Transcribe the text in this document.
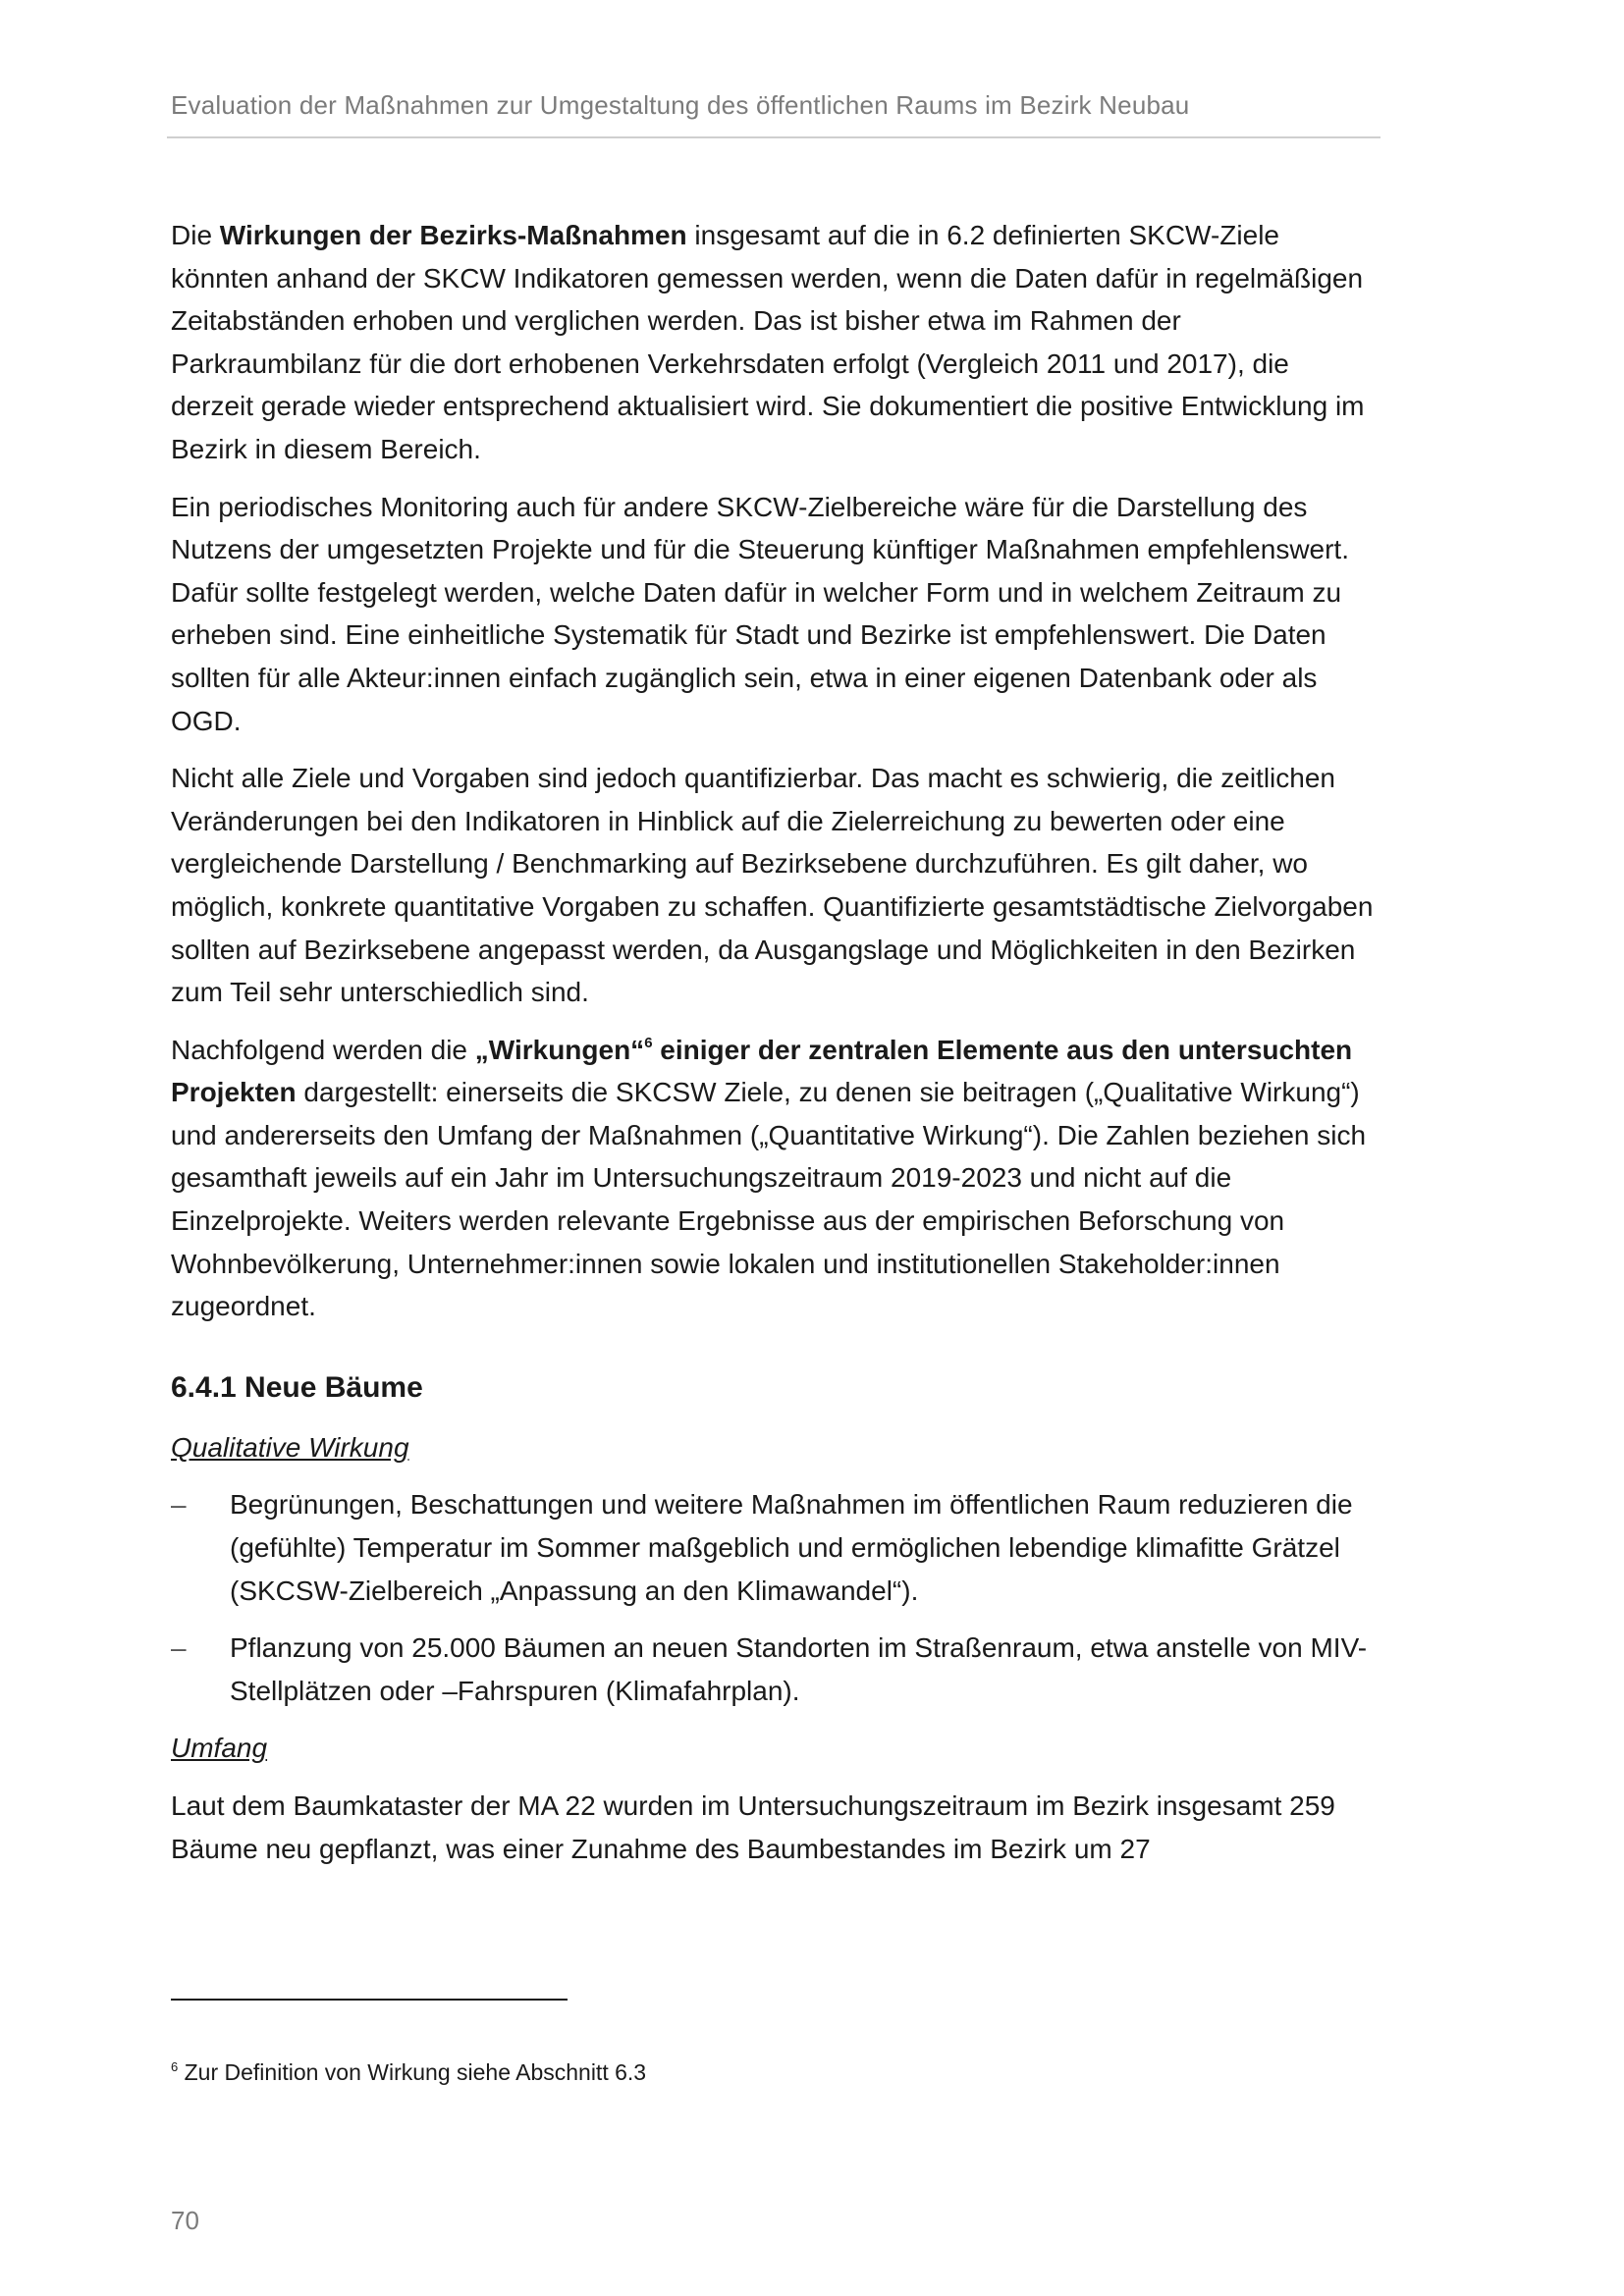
Evaluation der Maßnahmen zur Umgestaltung des öffentlichen Raums im Bezirk Neubau

Die Wirkungen der Bezirks-Maßnahmen insgesamt auf die in 6.2 definierten SKCW-Ziele könnten anhand der SKCW Indikatoren gemessen werden, wenn die Daten dafür in regelmäßigen Zeitabständen erhoben und verglichen werden. Das ist bisher etwa im Rahmen der Parkraumbilanz für die dort erhobenen Verkehrsdaten erfolgt (Vergleich 2011 und 2017), die derzeit gerade wieder entsprechend aktualisiert wird. Sie dokumentiert die positive Entwicklung im Bezirk in diesem Bereich.

Ein periodisches Monitoring auch für andere SKCW-Zielbereiche wäre für die Darstellung des Nutzens der umgesetzten Projekte und für die Steuerung künftiger Maßnahmen empfehlenswert. Dafür sollte festgelegt werden, welche Daten dafür in welcher Form und in welchem Zeitraum zu erheben sind. Eine einheitliche Systematik für Stadt und Bezirke ist empfehlenswert. Die Daten sollten für alle Akteur:innen einfach zugänglich sein, etwa in einer eigenen Datenbank oder als OGD.

Nicht alle Ziele und Vorgaben sind jedoch quantifizierbar. Das macht es schwierig, die zeitlichen Veränderungen bei den Indikatoren in Hinblick auf die Zielerreichung zu bewerten oder eine vergleichende Darstellung / Benchmarking auf Bezirksebene durchzuführen. Es gilt daher, wo möglich, konkrete quantitative Vorgaben zu schaffen. Quantifizierte gesamtstädtische Zielvorgaben sollten auf Bezirksebene angepasst werden, da Ausgangslage und Möglichkeiten in den Bezirken zum Teil sehr unterschiedlich sind.

Nachfolgend werden die „Wirkungen“$^6$ einiger der zentralen Elemente aus den untersuchten Projekten dargestellt: einerseits die SKCSW Ziele, zu denen sie beitragen („Qualitative Wirkung“) und andererseits den Umfang der Maßnahmen („Quantitative Wirkung“). Die Zahlen beziehen sich gesamthaft jeweils auf ein Jahr im Untersuchungszeitraum 2019-2023 und nicht auf die Einzelprojekte. Weiters werden relevante Ergebnisse aus der empirischen Beforschung von Wohnbevölkerung, Unternehmer:innen sowie lokalen und institutionellen Stakeholder:innen zugeordnet.

6.4.1 Neue Bäume
Qualitative Wirkung
– Begrünungen, Beschattungen und weitere Maßnahmen im öffentlichen Raum reduzieren die (gefühlte) Temperatur im Sommer maßgeblich und ermöglichen lebendige klimafitte Grätzel (SKCSW-Zielbereich „Anpassung an den Klimawandel“).
– Pflanzung von 25.000 Bäumen an neuen Standorten im Straßenraum, etwa anstelle von MIV-Stellplätzen oder –Fahrspuren (Klimafahrplan).
Umfang

Laut dem Baumkataster der MA 22 wurden im Untersuchungszeitraum im Bezirk insgesamt 259 Bäume neu gepflanzt, was einer Zunahme des Baumbestandes im Bezirk um 27

$^6$ Zur Definition von Wirkung siehe Abschnitt 6.3
70
